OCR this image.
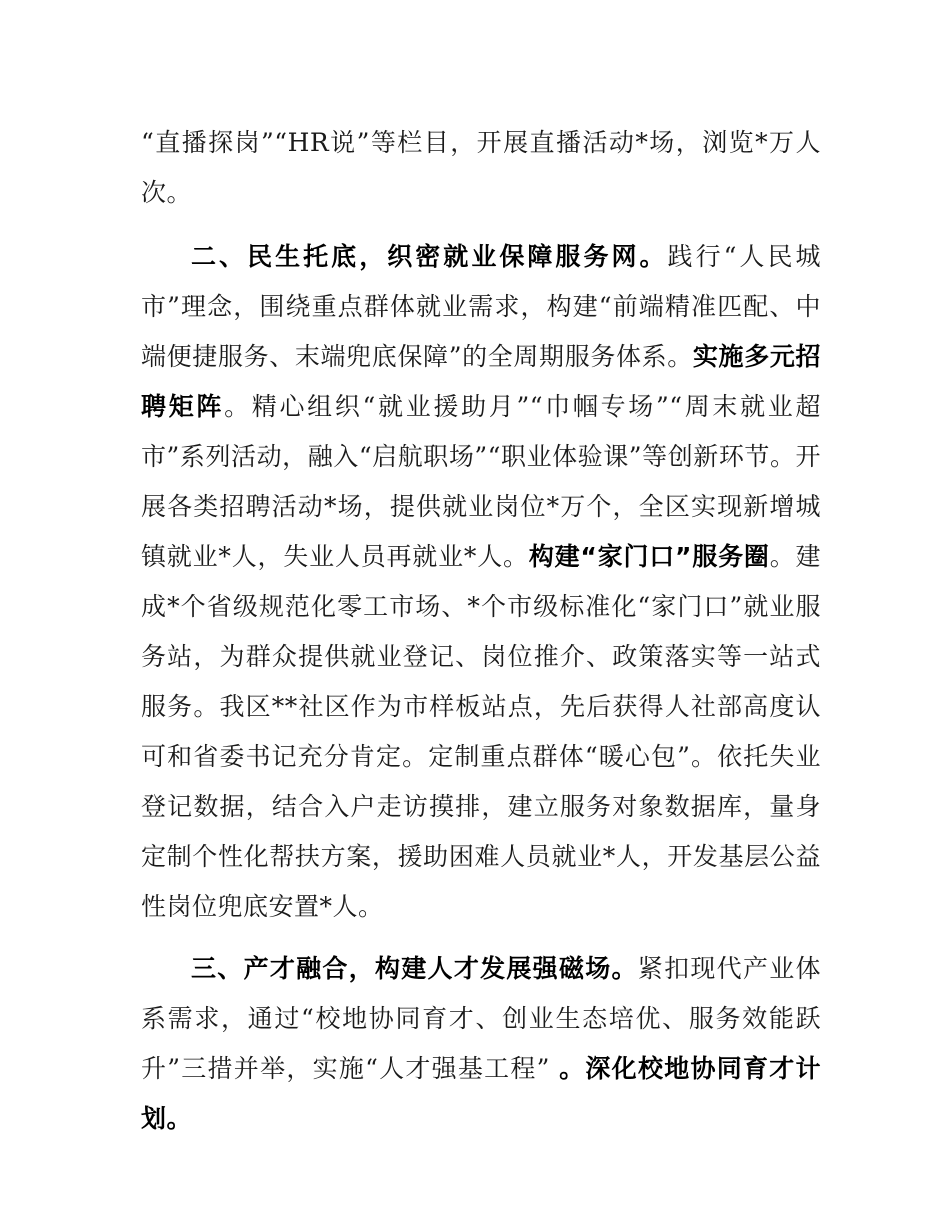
“直播探岗”“HR说”等栏目，开展直播活动*场，浏览*万人次。

二、民生托底，织密就业保障服务网。践行“人民城市”理念，围绕重点群体就业需求，构建“前端精准匹配、中端便捷服务、末端兜底保障”的全周期服务体系。实施多元招聘矩阵。精心组织“就业援助月”“巾帼专场”“周末就业超市”系列活动，融入“启航职场”“职业体验课”等创新环节。开展各类招聘活动*场，提供就业岗位*万个，全区实现新增城镇就业*人，失业人员再就业*人。构建“家门口”服务圈。建成*个省级规范化零工市场、*个市级标准化“家门口”就业服务站，为群众提供就业登记、岗位推介、政策落实等一站式服务。我区**社区作为市样板站点，先后获得人社部高度认可和省委书记充分肯定。定制重点群体“暖心包”。依托失业登记数据，结合入户走访摸排，建立服务对象数据库，量身定制个性化帮扶方案，援助困难人员就业*人，开发基层公益性岗位兜底安置*人。

三、产才融合，构建人才发展强磁场。紧扣现代产业体系需求，通过“校地协同育才、创业生态培优、服务效能跃升”三措并举，实施“人才强基工程” 。深化校地协同育才计划。
